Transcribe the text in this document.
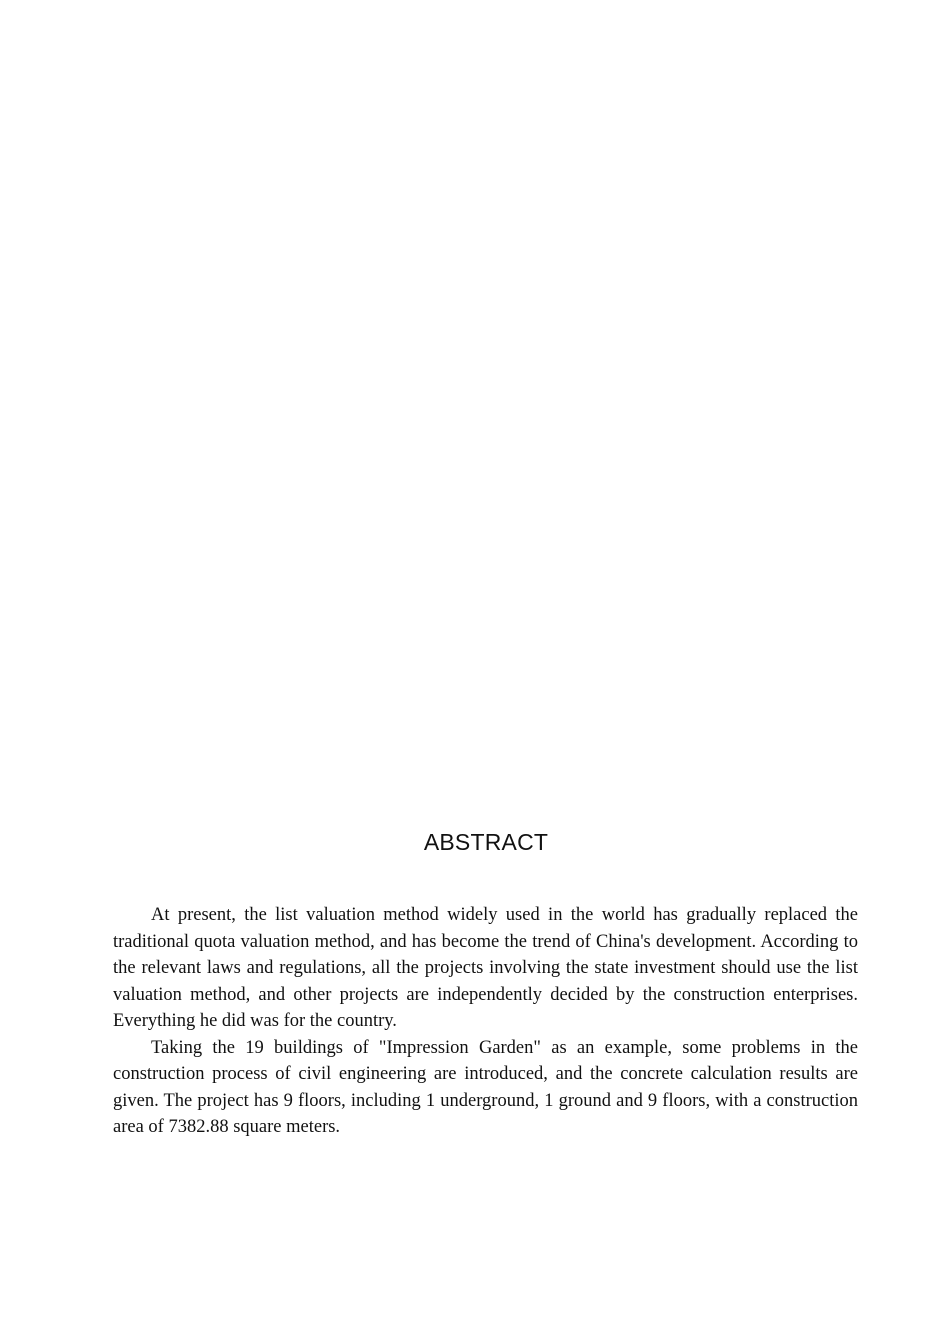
ABSTRACT

At present, the list valuation method widely used in the world has gradually replaced the traditional quota valuation method, and has become the trend of China's development. According to the relevant laws and regulations, all the projects involving the state investment should use the list valuation method, and other projects are independently decided by the construction enterprises. Everything he did was for the country.

Taking the 19 buildings of "Impression Garden" as an example, some problems in the construction process of civil engineering are introduced, and the concrete calculation results are given. The project has 9 floors, including 1 underground, 1 ground and 9 floors, with a construction area of 7382.88 square meters.
